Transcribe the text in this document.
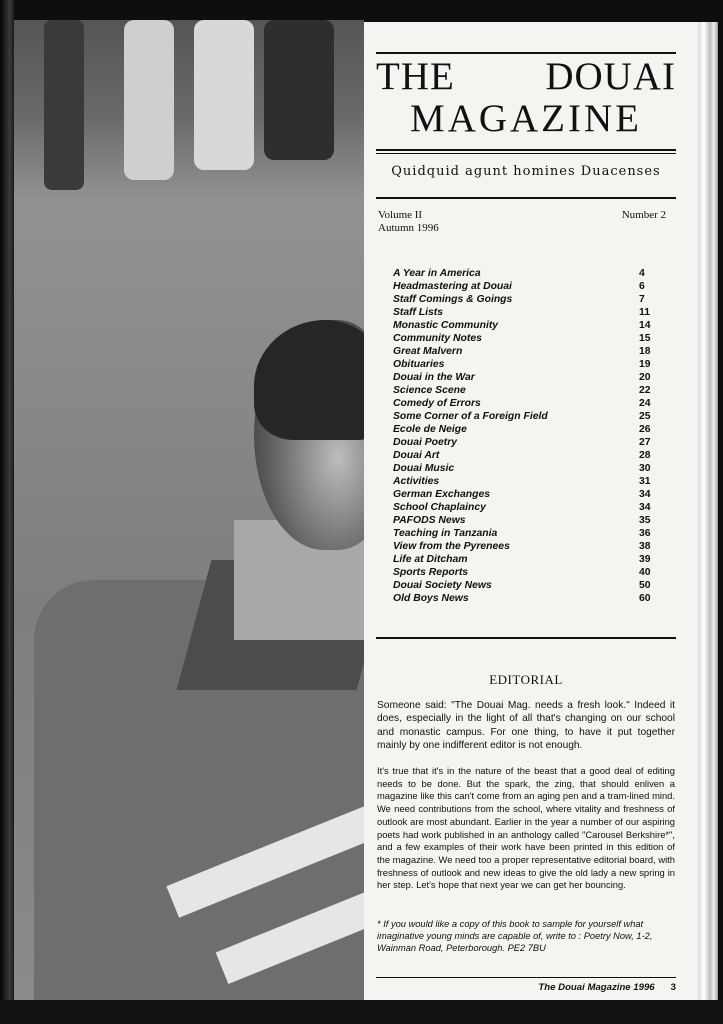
THE DOUAI
MAGAZINE
Quidquid agunt homines Duacenses
Volume II
Autumn 1996
Number 2
A Year in America	4
Headmastering at Douai	6
Staff Comings & Goings	7
Staff Lists	11
Monastic Community	14
Community Notes	15
Great Malvern	18
Obituaries	19
Douai in the War	20
Science Scene	22
Comedy of Errors	24
Some Corner of a Foreign Field	25
Ecole de Neige	26
Douai Poetry	27
Douai Art	28
Douai Music	30
Activities	31
German Exchanges	34
School Chaplaincy	34
PAFODS News	35
Teaching in Tanzania	36
View from the Pyrenees	38
Life at Ditcham	39
Sports Reports	40
Douai Society News	50
Old Boys News	60
EDITORIAL
Someone said: "The Douai Mag. needs a fresh look." Indeed it does, especially in the light of all that's changing on our school and monastic campus. For one thing, to have it put together mainly by one indifferent editor is not enough.
It's true that it's in the nature of the beast that a good deal of editing needs to be done. But the spark, the zing, that should enliven a magazine like this can't come from an aging pen and a tram-lined mind. We need contributions from the school, where vitality and freshness of outlook are most abundant. Earlier in the year a number of our aspiring poets had work published in an anthology called "Carousel Berkshire*", and a few examples of their work have been printed in this edition of the magazine. We need too a proper representative editorial board, with freshness of outlook and new ideas to give the old lady a new spring in her step. Let's hope that next year we can get her bouncing.
* If you would like a copy of this book to sample for yourself what imaginative young minds are capable of, write to : Poetry Now, 1-2, Wainman Road, Peterborough. PE2 7BU
The Douai Magazine 1996 3
